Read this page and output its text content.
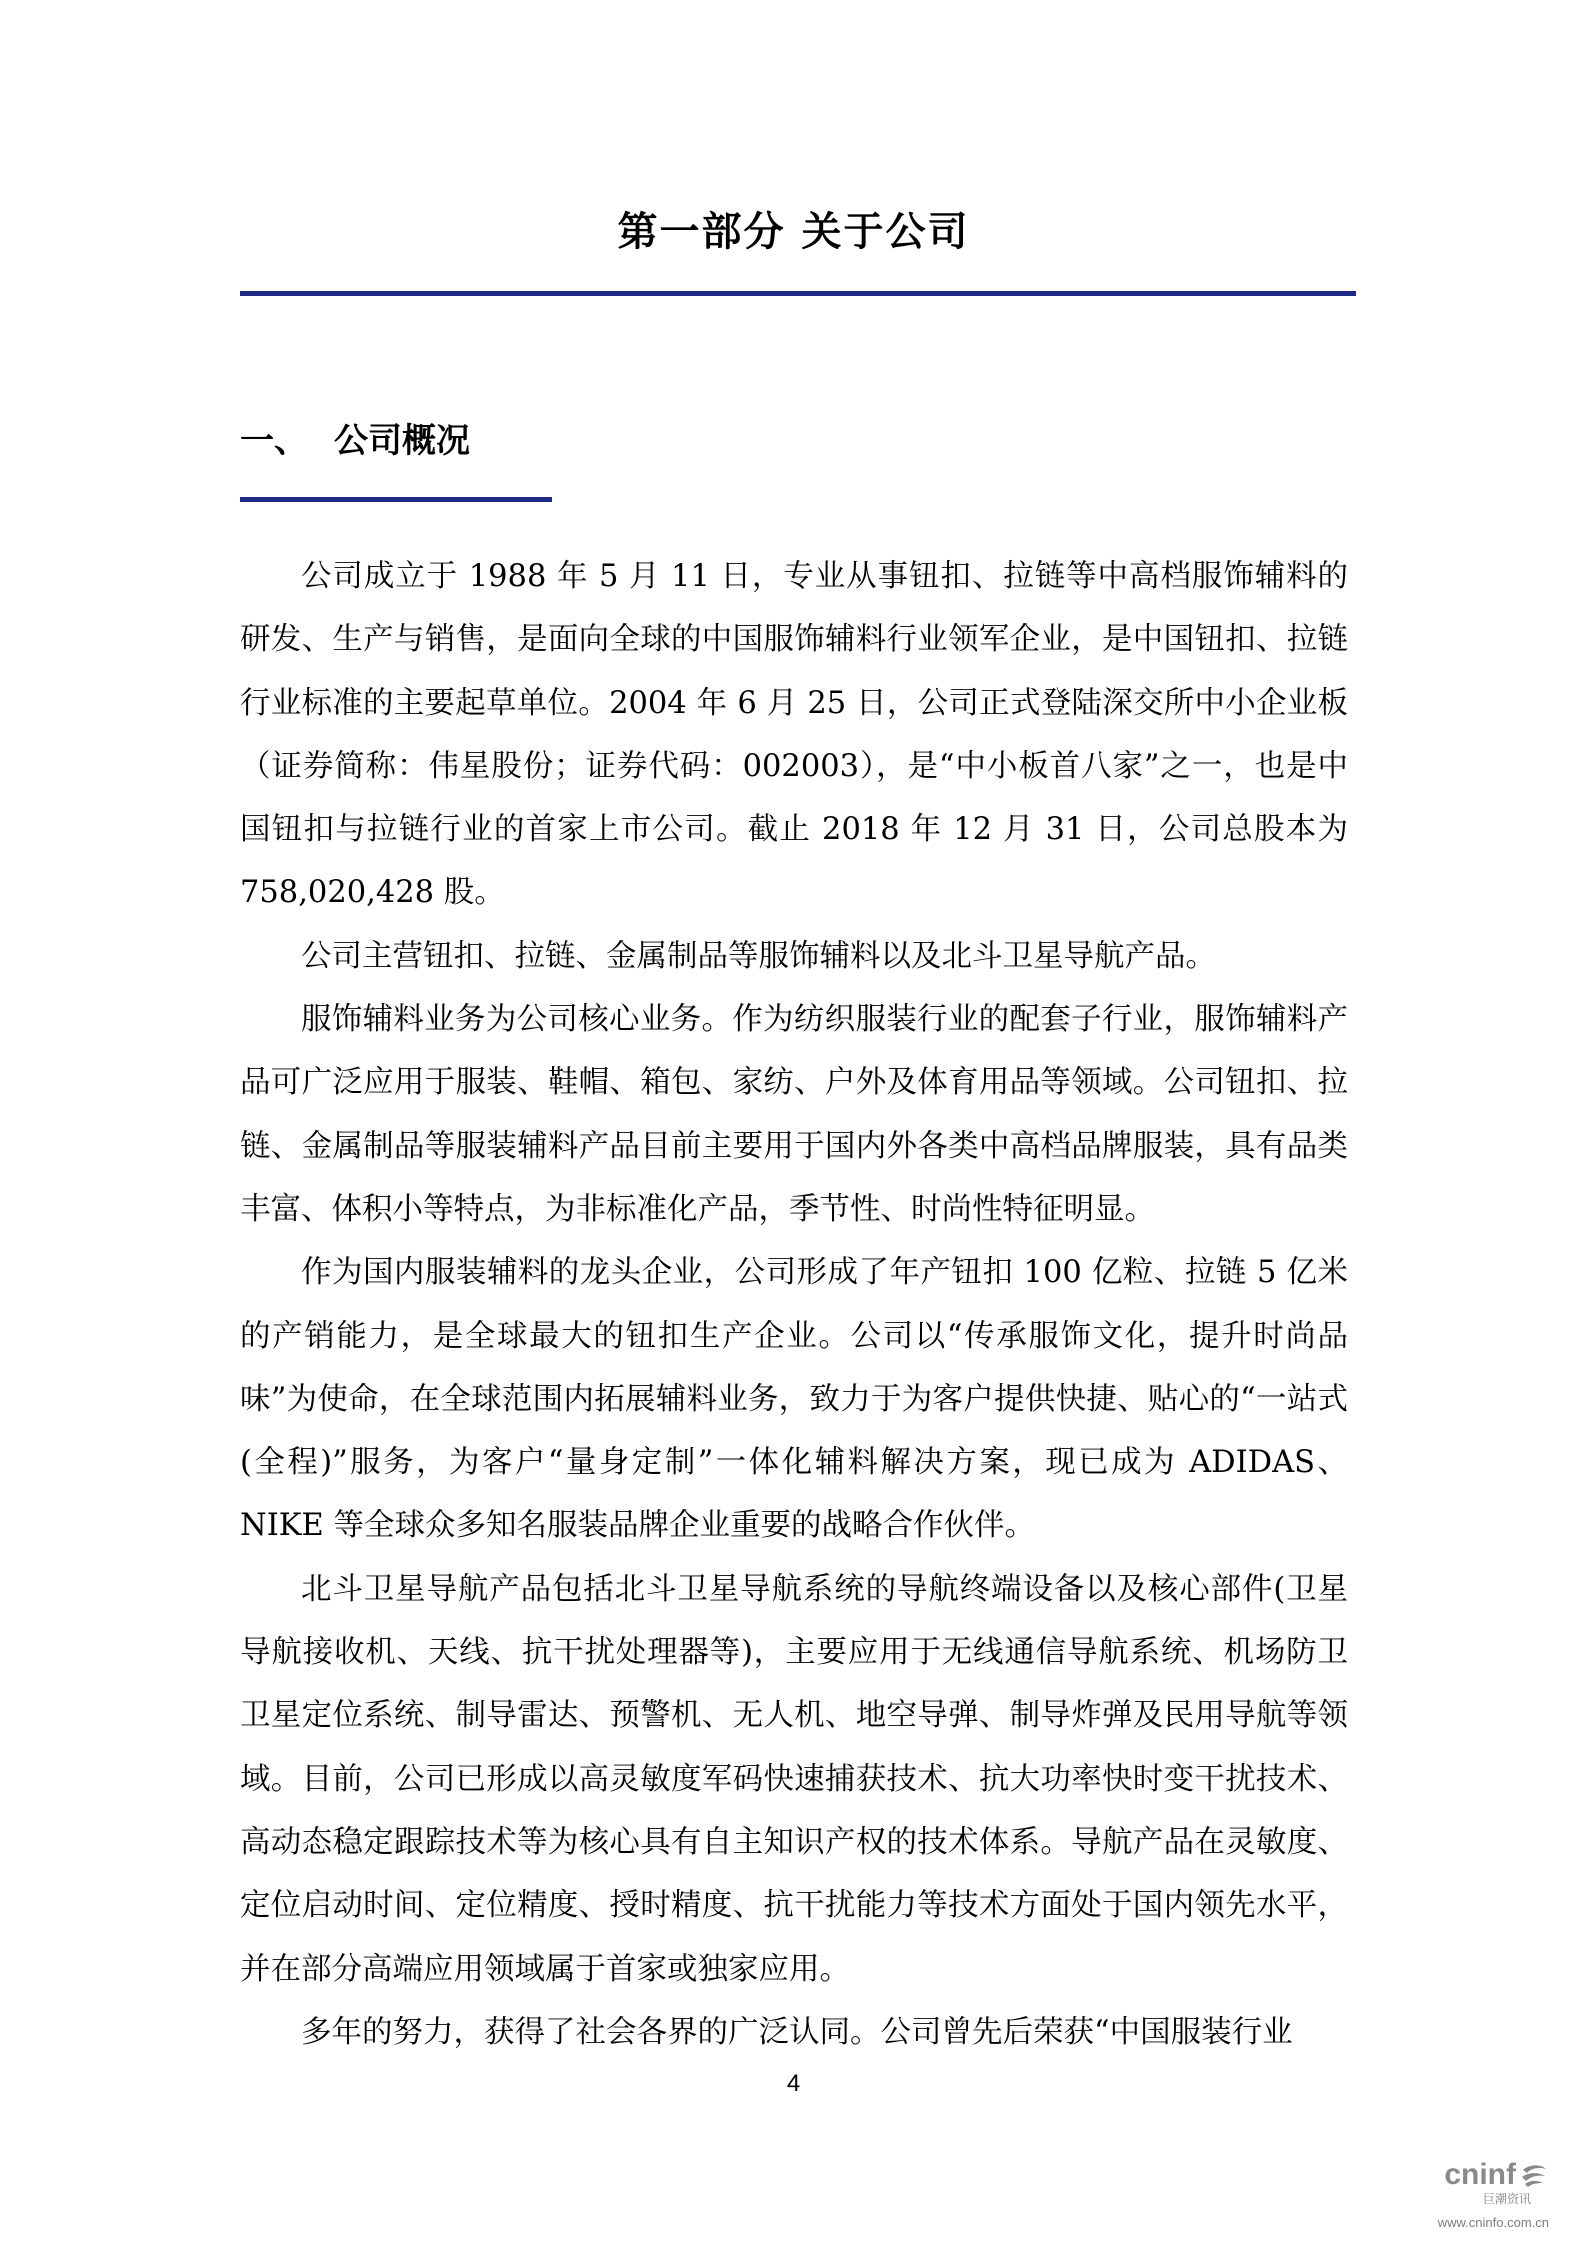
第一部分 关于公司
一、 公司概况

公司成立于 1988 年 5 月 11 日，专业从事钮扣、拉链等中高档服饰辅料的研发、生产与销售，是面向全球的中国服饰辅料行业领军企业，是中国钮扣、拉链行业标准的主要起草单位。2004 年 6 月 25 日，公司正式登陆深交所中小企业板（证券简称：伟星股份；证券代码：002003），是“中小板首八家”之一，也是中国钮扣与拉链行业的首家上市公司。截止 2018 年 12 月 31 日，公司总股本为 758,020,428 股。

公司主营钮扣、拉链、金属制品等服饰辅料以及北斗卫星导航产品。

服饰辅料业务为公司核心业务。作为纺织服装行业的配套子行业，服饰辅料产品可广泛应用于服装、鞋帽、箱包、家纺、户外及体育用品等领域。公司钮扣、拉链、金属制品等服装辅料产品目前主要用于国内外各类中高档品牌服装，具有品类丰富、体积小等特点，为非标准化产品，季节性、时尚性特征明显。

作为国内服装辅料的龙头企业，公司形成了年产钮扣 100 亿粒、拉链 5 亿米的产销能力，是全球最大的钮扣生产企业。公司以“传承服饰文化，提升时尚品味”为使命，在全球范围内拓展辅料业务，致力于为客户提供快捷、贴心的“一站式(全程)”服务，为客户“量身定制”一体化辅料解决方案，现已成为 ADIDAS、NIKE 等全球众多知名服装品牌企业重要的战略合作伙伴。

北斗卫星导航产品包括北斗卫星导航系统的导航终端设备以及核心部件(卫星导航接收机、天线、抗干扰处理器等)，主要应用于无线通信导航系统、机场防卫卫星定位系统、制导雷达、预警机、无人机、地空导弹、制导炸弹及民用导航等领域。目前，公司已形成以高灵敏度军码快速捕获技术、抗大功率快时变干扰技术、高动态稳定跟踪技术等为核心具有自主知识产权的技术体系。导航产品在灵敏度、定位启动时间、定位精度、授时精度、抗干扰能力等技术方面处于国内领先水平，并在部分高端应用领域属于首家或独家应用。

多年的努力，获得了社会各界的广泛认同。公司曾先后荣获“中国服装行业

4
cninf
巨潮资讯
www.cninfo.com.cn
